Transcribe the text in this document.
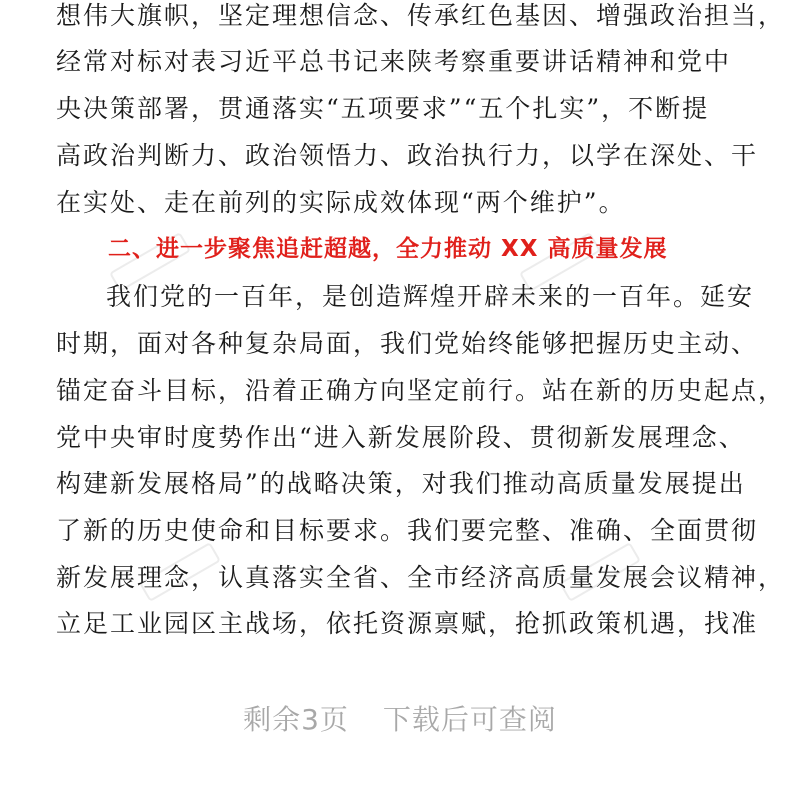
想伟大旗帜，坚定理想信念、传承红色基因、增强政治担当，
经常对标对表习近平总书记来陕考察重要讲话精神和党中
央决策部署，贯通落实“五项要求”“五个扎实”，不断提
高政治判断力、政治领悟力、政治执行力，以学在深处、干
在实处、走在前列的实际成效体现“两个维护”。
二、进一步聚焦追赶超越，全力推动 XX 高质量发展
我们党的一百年，是创造辉煌开辟未来的一百年。延安
时期，面对各种复杂局面，我们党始终能够把握历史主动、
锚定奋斗目标，沿着正确方向坚定前行。站在新的历史起点，
党中央审时度势作出“进入新发展阶段、贯彻新发展理念、
构建新发展格局”的战略决策，对我们推动高质量发展提出
了新的历史使命和目标要求。我们要完整、准确、全面贯彻
新发展理念，认真落实全省、全市经济高质量发展会议精神，
立足工业园区主战场，依托资源禀赋，抢抓政策机遇，找准
剩余3页 下载后可查阅
